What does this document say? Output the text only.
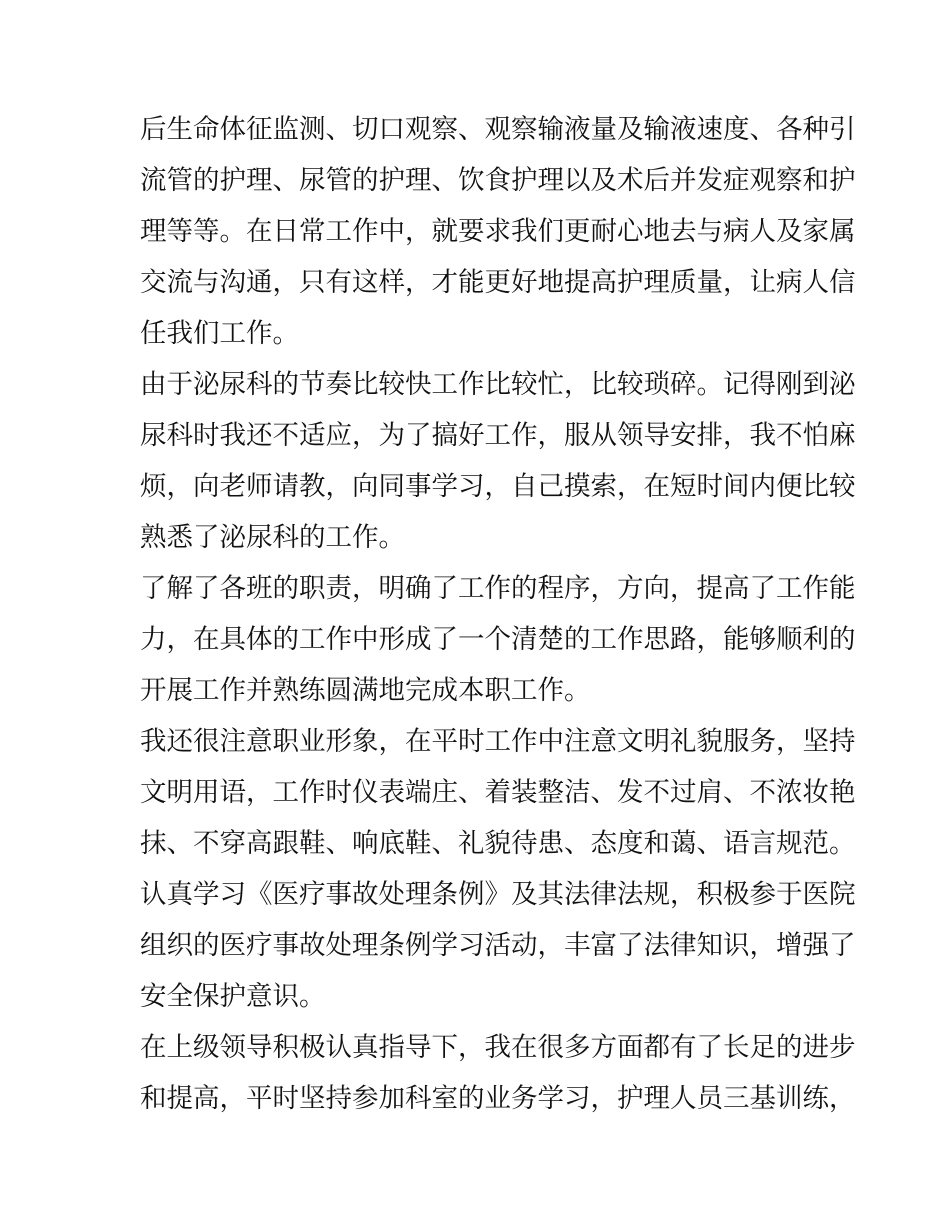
后生命体征监测、切口观察、观察输液量及输液速度、各种引
流管的护理、尿管的护理、饮食护理以及术后并发症观察和护
理等等。在日常工作中，就要求我们更耐心地去与病人及家属
交流与沟通，只有这样，才能更好地提高护理质量，让病人信
任我们工作。
由于泌尿科的节奏比较快工作比较忙，比较琐碎。记得刚到泌
尿科时我还不适应，为了搞好工作，服从领导安排，我不怕麻
烦，向老师请教，向同事学习，自己摸索，在短时间内便比较
熟悉了泌尿科的工作。
了解了各班的职责，明确了工作的程序，方向，提高了工作能
力，在具体的工作中形成了一个清楚的工作思路，能够顺利的
开展工作并熟练圆满地完成本职工作。
我还很注意职业形象，在平时工作中注意文明礼貌服务，坚持
文明用语，工作时仪表端庄、着装整洁、发不过肩、不浓妆艳
抹、不穿高跟鞋、响底鞋、礼貌待患、态度和蔼、语言规范。
认真学习《医疗事故处理条例》及其法律法规，积极参于医院
组织的医疗事故处理条例学习活动，丰富了法律知识，增强了
安全保护意识。
在上级领导积极认真指导下，我在很多方面都有了长足的进步
和提高，平时坚持参加科室的业务学习，护理人员三基训练，
